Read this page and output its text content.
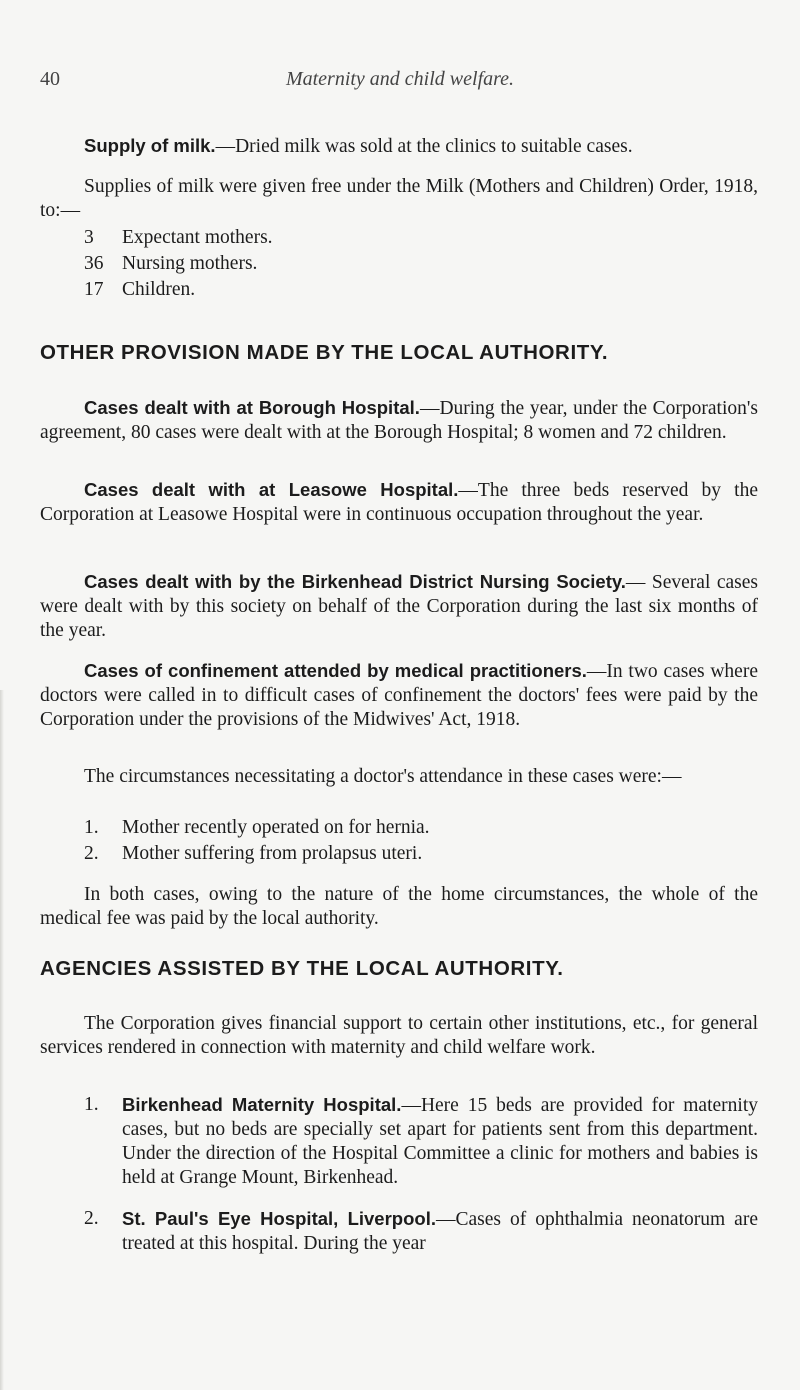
40	Maternity and child welfare.
Supply of milk.—Dried milk was sold at the clinics to suitable cases.
Supplies of milk were given free under the Milk (Mothers and Children) Order, 1918, to:—
3 Expectant mothers.
36 Nursing mothers.
17 Children.
OTHER PROVISION MADE BY THE LOCAL AUTHORITY.
Cases dealt with at Borough Hospital.—During the year, under the Corporation's agreement, 80 cases were dealt with at the Borough Hospital; 8 women and 72 children.
Cases dealt with at Leasowe Hospital.—The three beds reserved by the Corporation at Leasowe Hospital were in continuous occupation throughout the year.
Cases dealt with by the Birkenhead District Nursing Society.— Several cases were dealt with by this society on behalf of the Corporation during the last six months of the year.
Cases of confinement attended by medical practitioners.—In two cases where doctors were called in to difficult cases of confinement the doctors' fees were paid by the Corporation under the provisions of the Midwives' Act, 1918.
The circumstances necessitating a doctor's attendance in these cases were:—
1. Mother recently operated on for hernia.
2. Mother suffering from prolapsus uteri.
In both cases, owing to the nature of the home circumstances, the whole of the medical fee was paid by the local authority.
AGENCIES ASSISTED BY THE LOCAL AUTHORITY.
The Corporation gives financial support to certain other institutions, etc., for general services rendered in connection with maternity and child welfare work.
1. Birkenhead Maternity Hospital.—Here 15 beds are provided for maternity cases, but no beds are specially set apart for patients sent from this department. Under the direction of the Hospital Committee a clinic for mothers and babies is held at Grange Mount, Birkenhead.
2. St. Paul's Eye Hospital, Liverpool.—Cases of ophthalmia neonatorum are treated at this hospital. During the year
